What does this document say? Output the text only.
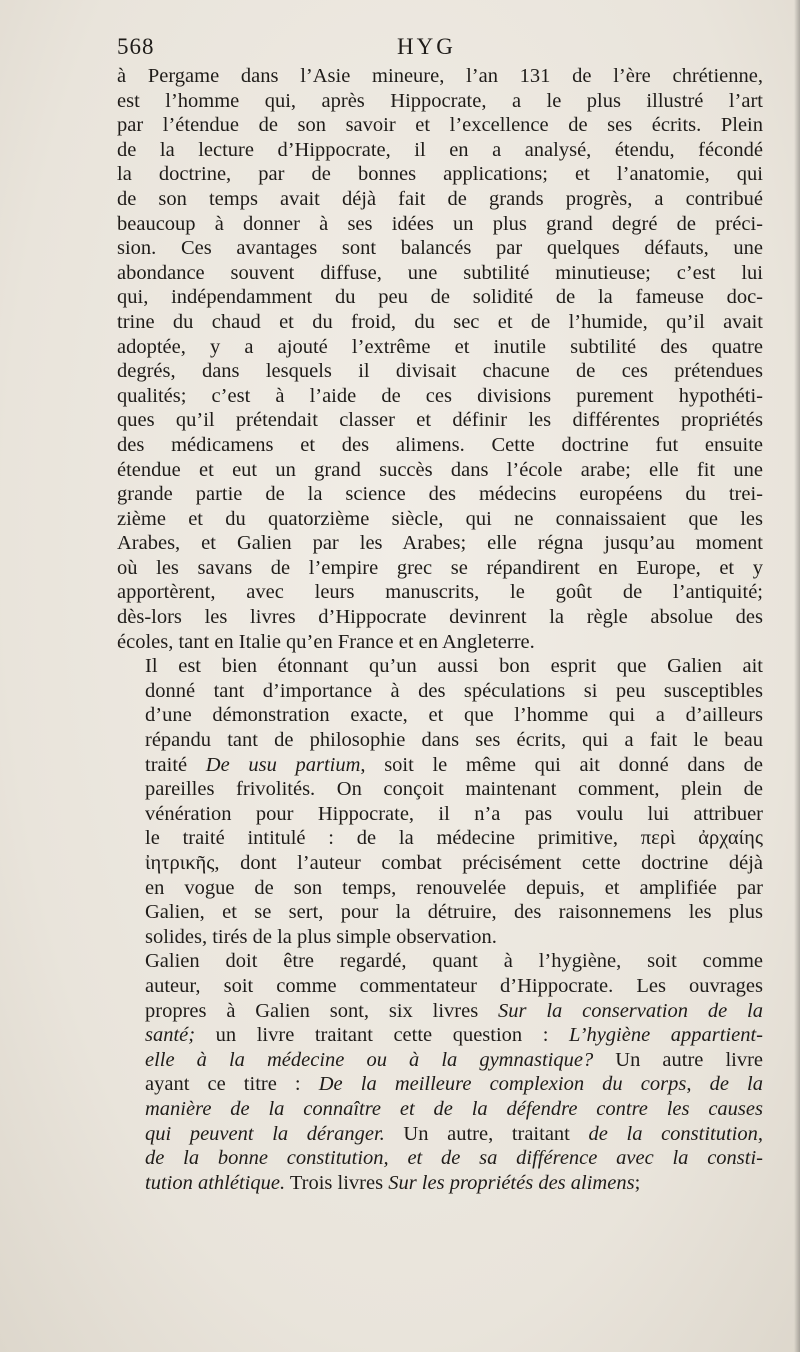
568	HYG
à Pergame dans l’Asie mineure, l’an 131 de l’ère chrétienne,
est l’homme qui, après Hippocrate, a le plus illustré l’art
par l’étendue de son savoir et l’excellence de ses écrits. Plein
de la lecture d’Hippocrate, il en a analysé, étendu, fécondé
la doctrine, par de bonnes applications; et l’anatomie, qui
de son temps avait déjà fait de grands progrès, a contribué
beaucoup à donner à ses idées un plus grand degré de préci-
sion. Ces avantages sont balancés par quelques défauts, une
abondance souvent diffuse, une subtilité minutieuse; c’est lui
qui, indépendamment du peu de solidité de la fameuse doc-
trine du chaud et du froid, du sec et de l’humide, qu’il avait
adoptée, y a ajouté l’extrême et inutile subtilité des quatre
degrés, dans lesquels il divisait chacune de ces prétendues
qualités; c’est à l’aide de ces divisions purement hypothéti-
ques qu’il prétendait classer et définir les différentes propriétés
des médicamens et des alimens. Cette doctrine fut ensuite
étendue et eut un grand succès dans l’école arabe; elle fit une
grande partie de la science des médecins européens du trei-
zième et du quatorzième siècle, qui ne connaissaient que les
Arabes, et Galien par les Arabes; elle régna jusqu’au moment
où les savans de l’empire grec se répandirent en Europe, et y
apportèrent, avec leurs manuscrits, le goût de l’antiquité;
dès-lors les livres d’Hippocrate devinrent la règle absolue des
écoles, tant en Italie qu’en France et en Angleterre.
Il est bien étonnant qu’un aussi bon esprit que Galien ait
donné tant d’importance à des spéculations si peu susceptibles
d’une démonstration exacte, et que l’homme qui a d’ailleurs
répandu tant de philosophie dans ses écrits, qui a fait le beau
traité De usu partium, soit le même qui ait donné dans de
pareilles frivolités. On conçoit maintenant comment, plein de
vénération pour Hippocrate, il n’a pas voulu lui attribuer
le traité intitulé : de la médecine primitive, περὶ ἀρχαίης
ἰητρικῆς, dont l’auteur combat précisément cette doctrine déjà
en vogue de son temps, renouvelée depuis, et amplifiée par
Galien, et se sert, pour la détruire, des raisonnemens les plus
solides, tirés de la plus simple observation.
Galien doit être regardé, quant à l’hygiène, soit comme
auteur, soit comme commentateur d’Hippocrate. Les ouvrages
propres à Galien sont, six livres Sur la conservation de la
santé; un livre traitant cette question : L’hygiène appartient-
elle à la médecine ou à la gymnastique? Un autre livre
ayant ce titre : De la meilleure complexion du corps, de la
manière de la connaître et de la défendre contre les causes
qui peuvent la déranger. Un autre, traitant de la constitution,
de la bonne constitution, et de sa différence avec la consti-
tution athlétique. Trois livres Sur les propriétés des alimens;
